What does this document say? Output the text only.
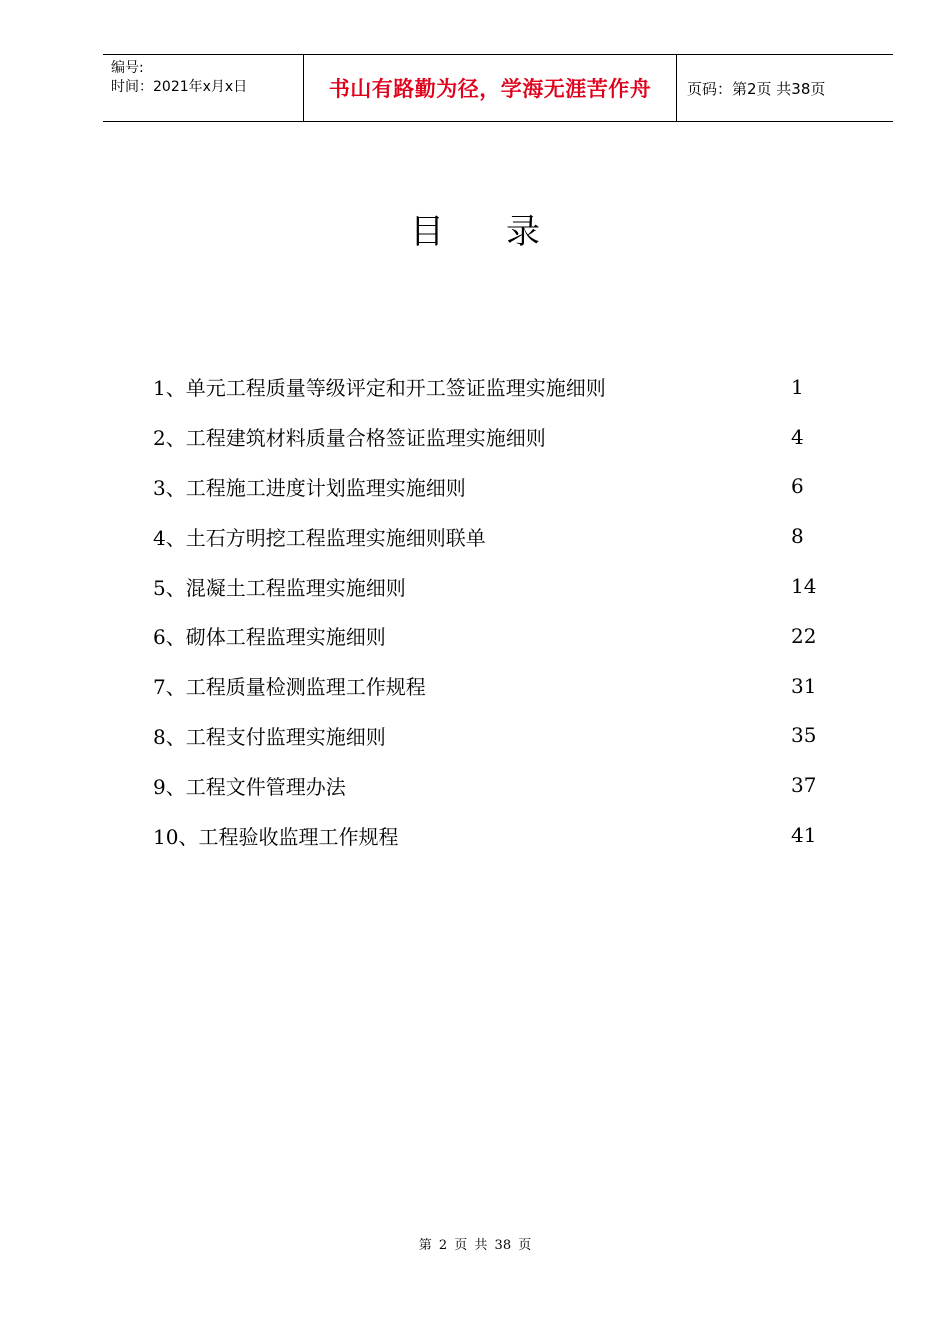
编号:
时间：2021年x月x日	书山有路勤为径，学海无涯苦作舟	页码：第2页 共38页
目录
1、单元工程质量等级评定和开工签证监理实施细则	1
2、工程建筑材料质量合格签证监理实施细则	4
3、工程施工进度计划监理实施细则	6
4、土石方明挖工程监理实施细则联单	8
5、混凝土工程监理实施细则	14
6、砌体工程监理实施细则	22
7、工程质量检测监理工作规程	31
8、工程支付监理实施细则	35
9、工程文件管理办法	37
10、工程验收监理工作规程	41
第 2 页 共 38 页
